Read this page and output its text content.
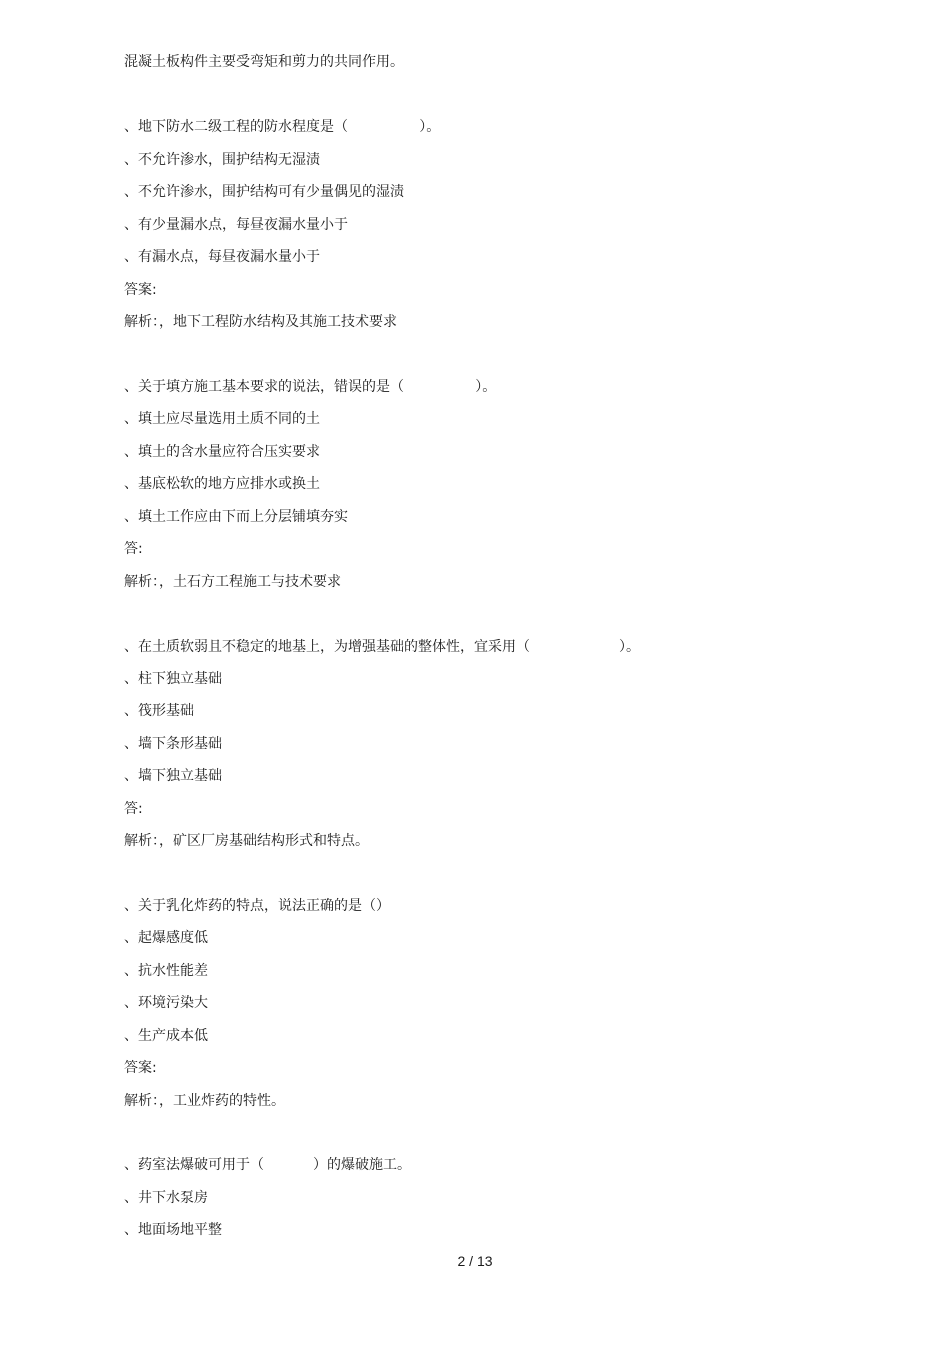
混凝土板构件主要受弯矩和剪力的共同作用。
、地下防水二级工程的防水程度是（                ）。
、不允许渗水，围护结构无湿渍
、不允许渗水，围护结构可有少量偶见的湿渍
、有少量漏水点，每昼夜漏水量小于
、有漏水点，每昼夜漏水量小于
答案:
解析：，地下工程防水结构及其施工技术要求
、关于填方施工基本要求的说法，错误的是（                ）。
、填土应尽量选用土质不同的土
、填土的含水量应符合压实要求
、基底松软的地方应排水或换土
、填土工作应由下而上分层铺填夯实
答:
解析：，土石方工程施工与技术要求
、在土质软弱且不稳定的地基上，为增强基础的整体性，宜采用（                    ）。
、柱下独立基础
、筏形基础
、墙下条形基础
、墙下独立基础
答:
解析：，矿区厂房基础结构形式和特点。
、关于乳化炸药的特点，说法正确的是（）
、起爆感度低
、抗水性能差
、环境污染大
、生产成本低
答案:
解析：，工业炸药的特性。
、药室法爆破可用于（           ）的爆破施工。
、井下水泵房
、地面场地平整
2 / 13
